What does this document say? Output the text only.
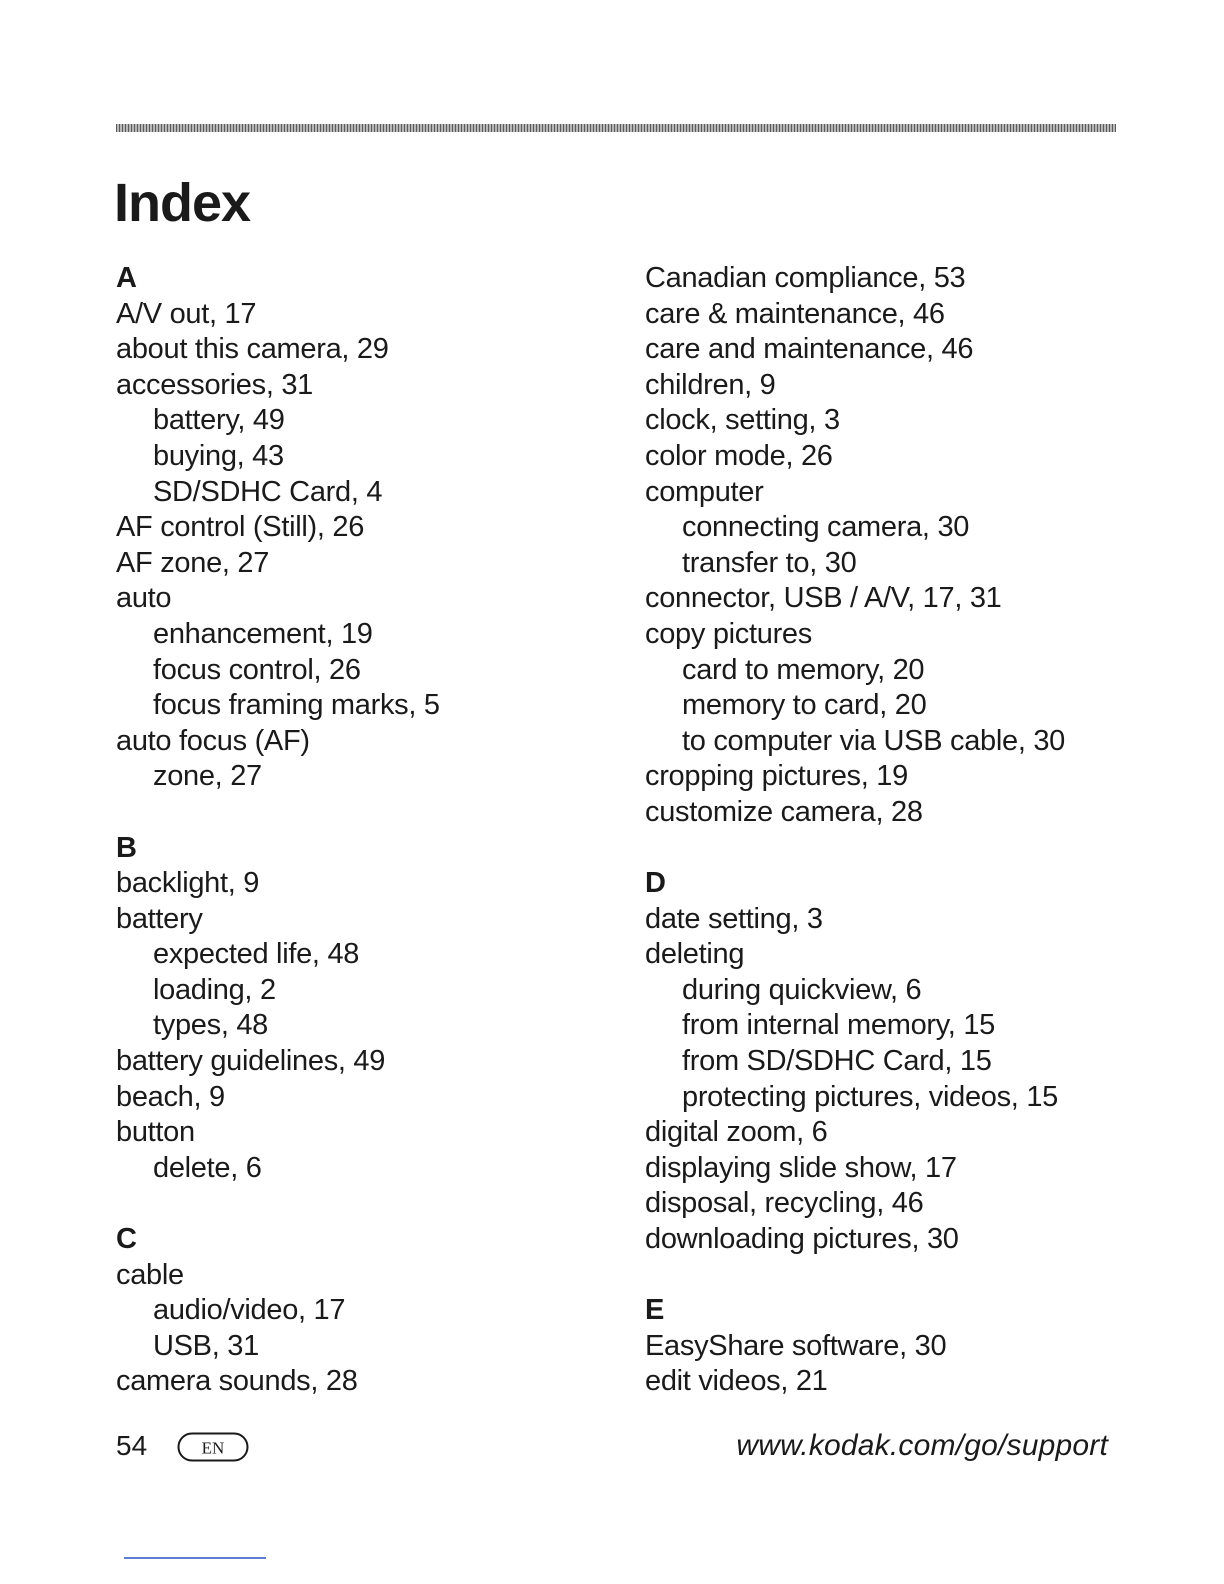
Index
A
A/V out, 17
about this camera, 29
accessories, 31
battery, 49
buying, 43
SD/SDHC Card, 4
AF control (Still), 26
AF zone, 27
auto
enhancement, 19
focus control, 26
focus framing marks, 5
auto focus (AF)
zone, 27
B
backlight, 9
battery
expected life, 48
loading, 2
types, 48
battery guidelines, 49
beach, 9
button
delete, 6
C
cable
audio/video, 17
USB, 31
camera sounds, 28
Canadian compliance, 53
care & maintenance, 46
care and maintenance, 46
children, 9
clock, setting, 3
color mode, 26
computer
connecting camera, 30
transfer to, 30
connector, USB / A/V, 17, 31
copy pictures
card to memory, 20
memory to card, 20
to computer via USB cable, 30
cropping pictures, 19
customize camera, 28
D
date setting, 3
deleting
during quickview, 6
from internal memory, 15
from SD/SDHC Card, 15
protecting pictures, videos, 15
digital zoom, 6
displaying slide show, 17
disposal, recycling, 46
downloading pictures, 30
E
EasyShare software, 30
edit videos, 21
54	EN	www.kodak.com/go/support
